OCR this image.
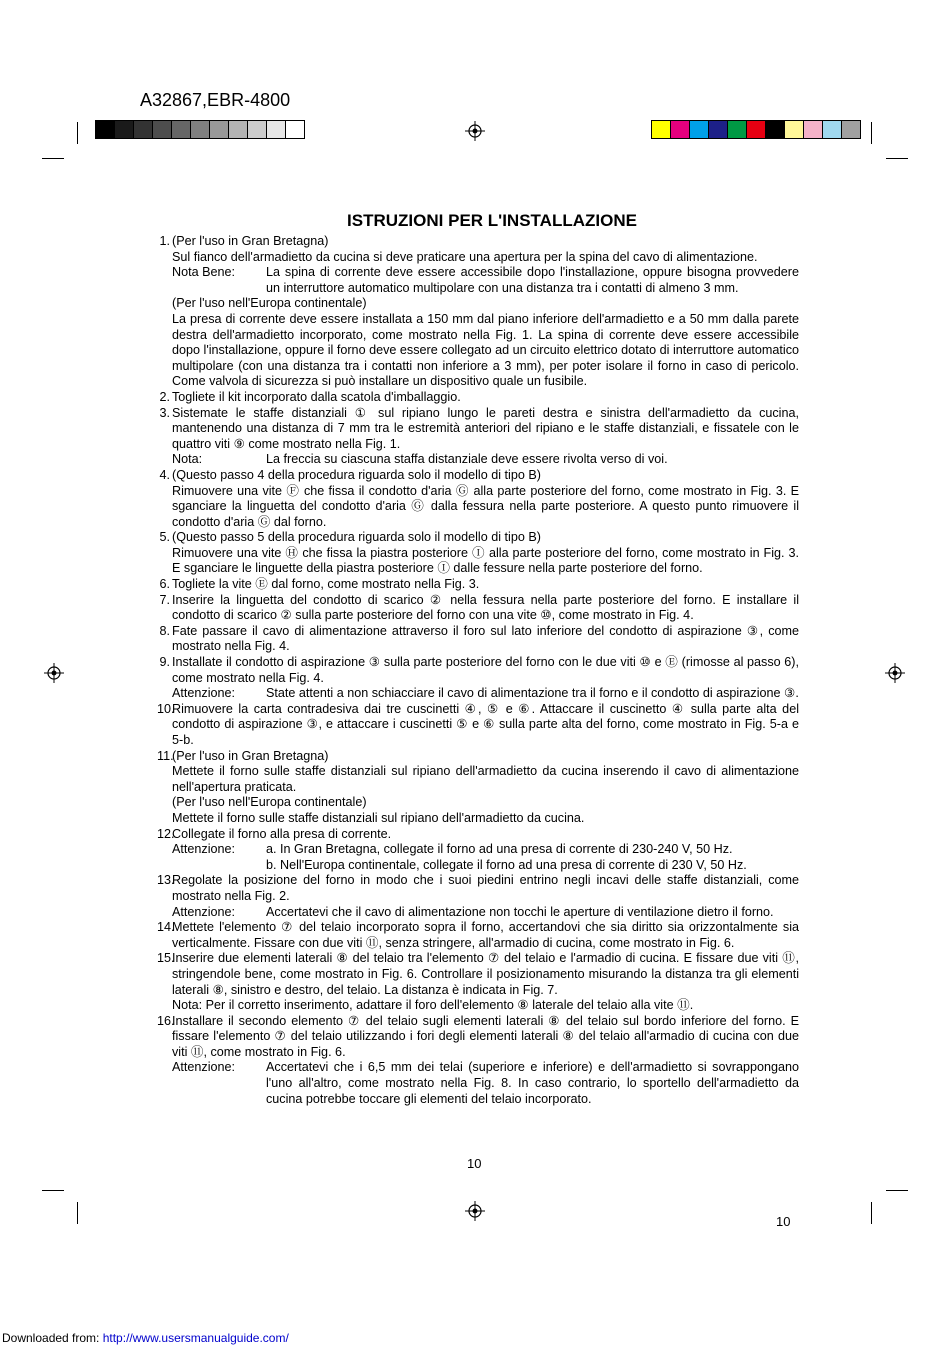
A32867,EBR-4800
ISTRUZIONI PER L'INSTALLAZIONE
1. (Per l'uso in Gran Bretagna)
Sul fianco dell'armadietto da cucina si deve praticare una apertura per la spina del cavo di alimentazione.
Nota Bene:	La spina di corrente deve essere accessibile dopo l'installazione, oppure bisogna provvedere un interruttore automatico multipolare con una distanza tra i contatti di almeno 3 mm.
(Per l'uso nell'Europa continentale)
La presa di corrente deve essere installata a 150 mm dal piano inferiore dell'armadietto e a 50 mm dalla parete destra dell'armadietto incorporato, come mostrato nella Fig. 1. La spina di corrente deve essere accessibile dopo l'installazione, oppure il forno deve essere collegato ad un circuito elettrico dotato di interruttore automatico multipolare (con una distanza tra i contatti non inferiore a 3 mm), per poter isolare il forno in caso di pericolo. Come valvola di sicurezza si può installare un dispositivo quale un fusibile.
2. Togliete il kit incorporato dalla scatola d'imballaggio.
3. Sistemate le staffe distanziali ① sul ripiano lungo le pareti destra e sinistra dell'armadietto da cucina, mantenendo una distanza di 7 mm tra le estremità anteriori del ripiano e le staffe distanziali, e fissatele con le quattro viti ⑨ come mostrato nella Fig. 1.
Nota:	La freccia su ciascuna staffa distanziale deve essere rivolta verso di voi.
4. (Questo passo 4 della procedura riguarda solo il modello di tipo B)
Rimuovere una vite Ⓕ che fissa il condotto d'aria Ⓖ alla parte posteriore del forno, come mostrato in Fig. 3. E sganciare la linguetta del condotto d'aria Ⓖ dalla fessura nella parte posteriore. A questo punto rimuovere il condotto d'aria Ⓖ dal forno.
5. (Questo passo 5 della procedura riguarda solo il modello di tipo B)
Rimuovere una vite Ⓗ che fissa la piastra posteriore Ⓘ alla parte posteriore del forno, come mostrato in Fig. 3. E sganciare le linguette della piastra posteriore Ⓘ dalle fessure nella parte posteriore del forno.
6. Togliete la vite Ⓔ dal forno, come mostrato nella Fig. 3.
7. Inserire la linguetta del condotto di scarico ② nella fessura nella parte posteriore del forno. E installare il condotto di scarico ② sulla parte posteriore del forno con una vite ⑩, come mostrato in Fig. 4.
8. Fate passare il cavo di alimentazione attraverso il foro sul lato inferiore del condotto di aspirazione ③, come mostrato nella Fig. 4.
9. Installate il condotto di aspirazione ③ sulla parte posteriore del forno con le due viti ⑩ e Ⓔ (rimosse al passo 6), come mostrato nella Fig. 4.
Attenzione:	State attenti a non schiacciare il cavo di alimentazione tra il forno e il condotto di aspirazione ③.
10.
Rimuovere la carta contradesiva dai tre cuscinetti ④, ⑤ e ⑥. Attaccare il cuscinetto ④ sulla parte alta del condotto di aspirazione ③, e attaccare i cuscinetti ⑤ e ⑥ sulla parte alta del forno, come mostrato in Fig. 5-a e 5-b.
11.
(Per l'uso in Gran Bretagna)
Mettete il forno sulle staffe distanziali sul ripiano dell'armadietto da cucina inserendo il cavo di alimentazione nell'apertura praticata.
(Per l'uso nell'Europa continentale)
Mettete il forno sulle staffe distanziali sul ripiano dell'armadietto da cucina.
12.
Collegate il forno alla presa di corrente.
Attenzione:	a. In Gran Bretagna, collegate il forno ad una presa di corrente di 230-240 V, 50 Hz.
b. Nell'Europa continentale, collegate il forno ad una presa di corrente di 230 V, 50 Hz.
13.
Regolate la posizione del forno in modo che i suoi piedini entrino negli incavi delle staffe distanziali, come mostrato nella Fig. 2.
Attenzione:	Accertatevi che il cavo di alimentazione non tocchi le aperture di ventilazione dietro il forno.
14.
Mettete l'elemento ⑦ del telaio incorporato sopra il forno, accertandovi che sia diritto sia orizzontalmente sia verticalmente. Fissare con due viti ⑪, senza stringere, all'armadio di cucina, come mostrato in Fig. 6.
15.
Inserire due elementi laterali ⑧ del telaio tra l'elemento ⑦ del telaio e l'armadio di cucina. E fissare due viti ⑪, stringendole bene, come mostrato in Fig. 6. Controllare il posizionamento misurando la distanza tra gli elementi laterali ⑧, sinistro e destro, del telaio. La distanza è indicata in Fig. 7.
Nota: Per il corretto inserimento, adattare il foro dell'elemento ⑧ laterale del telaio alla vite ⑪.
16.
Installare il secondo elemento ⑦ del telaio sugli elementi laterali ⑧ del telaio sul bordo inferiore del forno. E fissare l'elemento ⑦ del telaio utilizzando i fori degli elementi laterali ⑧ del telaio all'armadio di cucina con due viti ⑪, come mostrato in Fig. 6.
Attenzione:	Accertatevi che i 6,5 mm dei telai (superiore e inferiore) e dell'armadietto si sovrappongano l'uno all'altro, come mostrato nella Fig. 8. In caso contrario, lo sportello dell'armadietto da cucina potrebbe toccare gli elementi del telaio incorporato.
10
10
Downloaded from: http://www.usersmanualguide.com/
